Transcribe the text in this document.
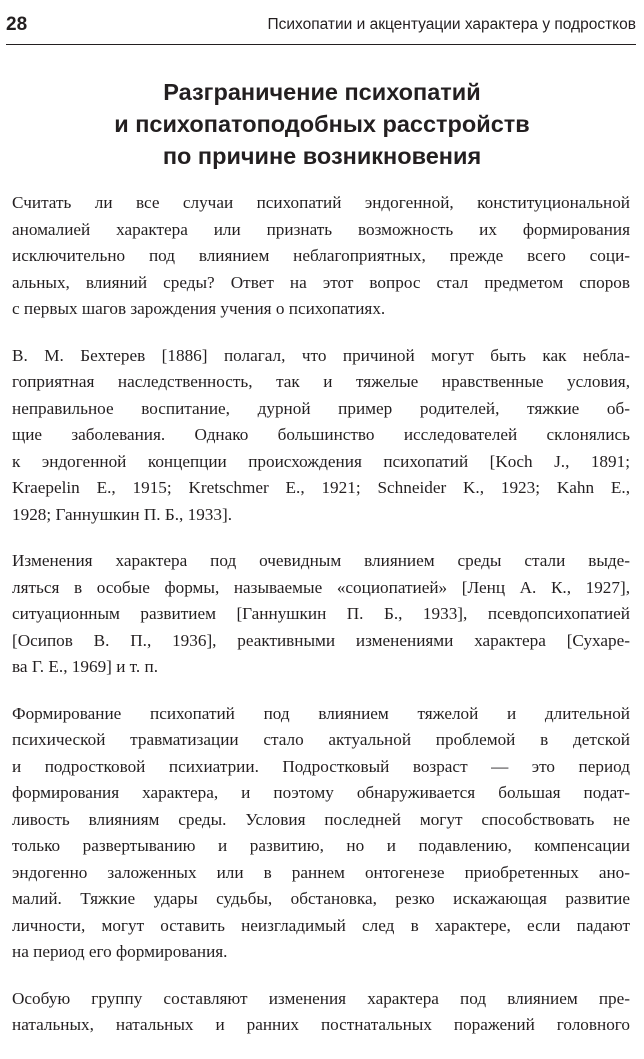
28	Психопатии и акцентуации характера у подростков
Разграничение психопатий
и психопатоподобных расстройств
по причине возникновения
Считать ли все случаи психопатий эндогенной, конституциональной
аномалией характера или признать возможность их формирования
исключительно под влиянием неблагоприятных, прежде всего соци-
альных, влияний среды? Ответ на этот вопрос стал предметом споров
с первых шагов зарождения учения о психопатиях.
В. М. Бехтерев [1886] полагал, что причиной могут быть как небла-
гоприятная наследственность, так и тяжелые нравственные условия,
неправильное воспитание, дурной пример родителей, тяжкие об-
щие заболевания. Однако большинство исследователей склонялись
к эндогенной концепции происхождения психопатий [Koch J., 1891;
Kraepelin E., 1915; Kretschmer E., 1921; Schneider K., 1923; Kahn E.,
1928; Ганнушкин П. Б., 1933].
Изменения характера под очевидным влиянием среды стали выде-
ляться в особые формы, называемые «социопатией» [Ленц А. К., 1927],
ситуационным развитием [Ганнушкин П. Б., 1933], псевдопсихопатией
[Осипов В. П., 1936], реактивными изменениями характера [Сухаре-
ва Г. Е., 1969] и т. п.
Формирование психопатий под влиянием тяжелой и длительной
психической травматизации стало актуальной проблемой в детской
и подростковой психиатрии. Подростковый возраст — это период
формирования характера, и поэтому обнаруживается большая подат-
ливость влияниям среды. Условия последней могут способствовать не
только развертыванию и развитию, но и подавлению, компенсации
эндогенно заложенных или в раннем онтогенезе приобретенных ано-
малий. Тяжкие удары судьбы, обстановка, резко искажающая развитие
личности, могут оставить неизгладимый след в характере, если падают
на период его формирования.
Особую группу составляют изменения характера под влиянием пре-
натальных, натальных и ранних постнатальных поражений головного
